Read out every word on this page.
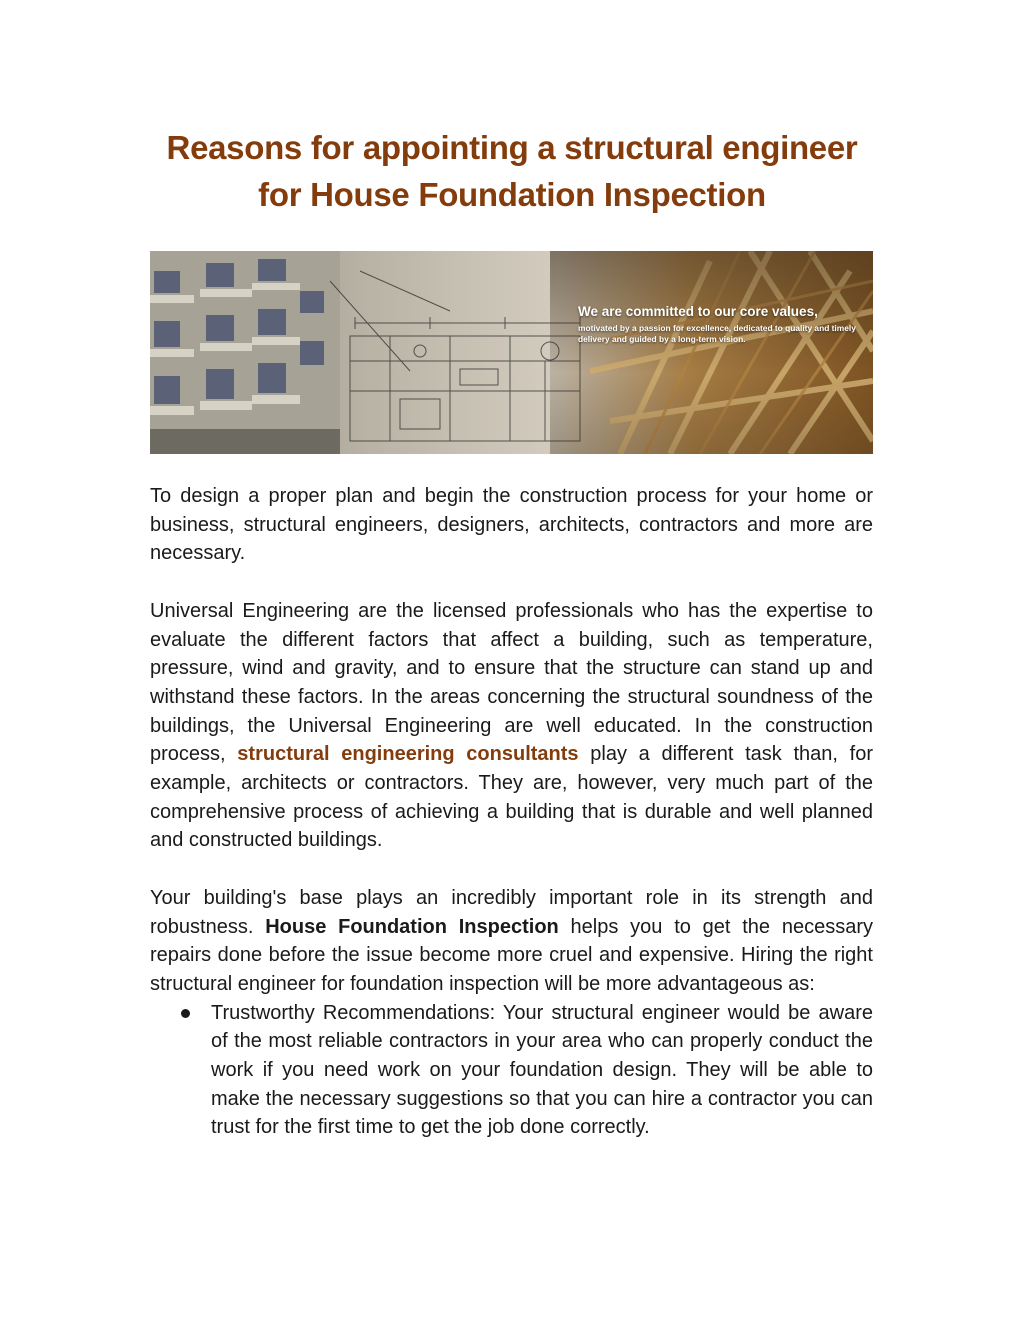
Reasons for appointing a structural engineer
for House Foundation Inspection
We are committed to our core values,
motivated by a passion for excellence, dedicated to quality and timely delivery and guided by a long-term vision.

To design a proper plan and begin the construction process for your home or business, structural engineers, designers, architects, contractors and more are necessary.

Universal Engineering are the licensed professionals who has the expertise to evaluate the different factors that affect a building, such as temperature, pressure, wind and gravity, and to ensure that the structure can stand up and withstand these factors. In the areas concerning the structural soundness of the buildings, the Universal Engineering are well educated. In the construction process, structural engineering consultants play a different task than, for example, architects or contractors. They are, however, very much part of the comprehensive process of achieving a building that is durable and well planned and constructed buildings.

Your building's base plays an incredibly important role in its strength and robustness. House Foundation Inspection helps you to get the necessary repairs done before the issue become more cruel and expensive. Hiring the right structural engineer for foundation inspection will be more advantageous as:

Trustworthy Recommendations: Your structural engineer would be aware of the most reliable contractors in your area who can properly conduct the work if you need work on your foundation design. They will be able to make the necessary suggestions so that you can hire a contractor you can trust for the first time to get the job done correctly.
